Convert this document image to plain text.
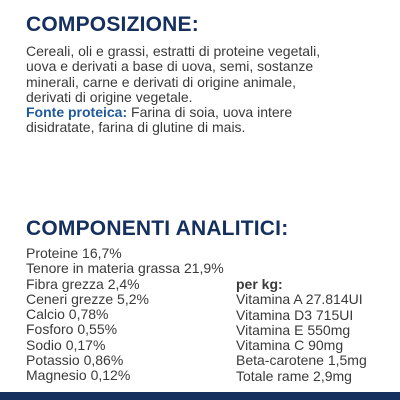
COMPOSIZIONE:
Cereali, oli e grassi, estratti di proteine vegetali,
uova e derivati a base di uova, semi, sostanze
minerali, carne e derivati di origine animale,
derivati di origine vegetale.
Fonte proteica: Farina di soia, uova intere
disidratate, farina di glutine di mais.
COMPONENTI ANALITICI:
Proteine 16,7%
Tenore in materia grassa 21,9%
Fibra grezza 2,4%
Ceneri grezze 5,2%
Calcio 0,78%
Fosforo 0,55%
Sodio 0,17%
Potassio 0,86%
Magnesio 0,12%
per kg:
Vitamina A 27.814UI
Vitamina D3 715UI
Vitamina E 550mg
Vitamina C 90mg
Beta-carotene 1,5mg
Totale rame 2,9mg
